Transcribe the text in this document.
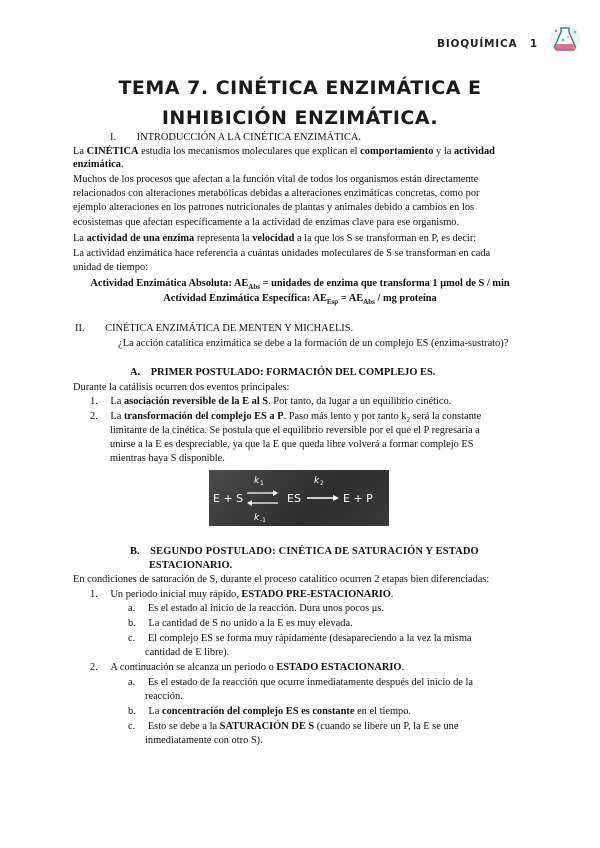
BIOQUÍMICA 1
TEMA 7. CINÉTICA ENZIMÁTICA E
INHIBICIÓN ENZIMÁTICA.
I. INTRODUCCIÓN A LA CINÉTICA ENZIMÁTICA.
La CINÉTICA estudia los mecanismos moleculares que explican el comportamiento y la actividad
enzimática.
Muchos de los procesos que afectan a la función vital de todos los organismos están directamente
relacionados con alteraciones metabólicas debidas a alteraciones enzimáticas concretas, como por
ejemplo alteraciones en los patrones nutricionales de plantas y animales debido a cambios en los
ecosistemas que afectan específicamente a la actividad de enzimas clave para ese organismo.
La actividad de una enzima representa la velocidad a la que los S se transforman en P, es decir:
La actividad enzimática hace referencia a cuántas unidades moleculares de S se transforman en cada
unidad de tiempo:
Actividad Enzimática Absoluta: $AE_{Abs}$ = unidades de enzima que transforma 1 μmol de S / min
Actividad Enzimática Específica: $AE_{Esp} = AE_{Abs}$ / mg proteína
II. CINÉTICA ENZIMÁTICA DE MENTEN Y MICHAELIS.
¿La acción catalítica enzimática se debe a la formación de un complejo ES (enzima-sustrato)?
A. PRIMER POSTULADO: FORMACIÓN DEL COMPLEJO ES.
Durante la catálisis ocurren dos eventos principales:
1. La asociación reversible de la E al S. Por tanto, da lugar a un equilibrio cinético.
2. La transformación del complejo ES a P. Paso más lento y por tanto $k_2$ será la constante
limitante de la cinética. Se postula que el equilibrio reversible por el que el P regresaría a
unirse a la E es despreciable, ya que la E que queda libre volverá a formar complejo ES
mientras haya S disponible.
E + S
k 1
k -1
ES
k 2
E + P
B. SEGUNDO POSTULADO: CINÉTICA DE SATURACIÓN Y ESTADO
ESTACIONARIO.
En condiciones de saturación de S, durante el proceso catalítico ocurren 2 etapas bien diferenciadas:
1. Un periodo inicial muy rápido, ESTADO PRE-ESTACIONARIO.
a. Es el estado al inicio de la reacción. Dura unos pocos μs.
b. La cantidad de S no unido a la E es muy elevada.
c. El complejo ES se forma muy rápidamente (desapareciendo a la vez la misma
cantidad de E libre).
2. A continuación se alcanza un periodo o ESTADO ESTACIONARIO.
a. Es el estado de la reacción que ocurre inmediatamente después del inicio de la
reacción.
b. La concentración del complejo ES es constante en el tiempo.
c. Esto se debe a la SATURACIÓN DE S (cuando se libere un P, la E se une
inmediatamente con otro S).
